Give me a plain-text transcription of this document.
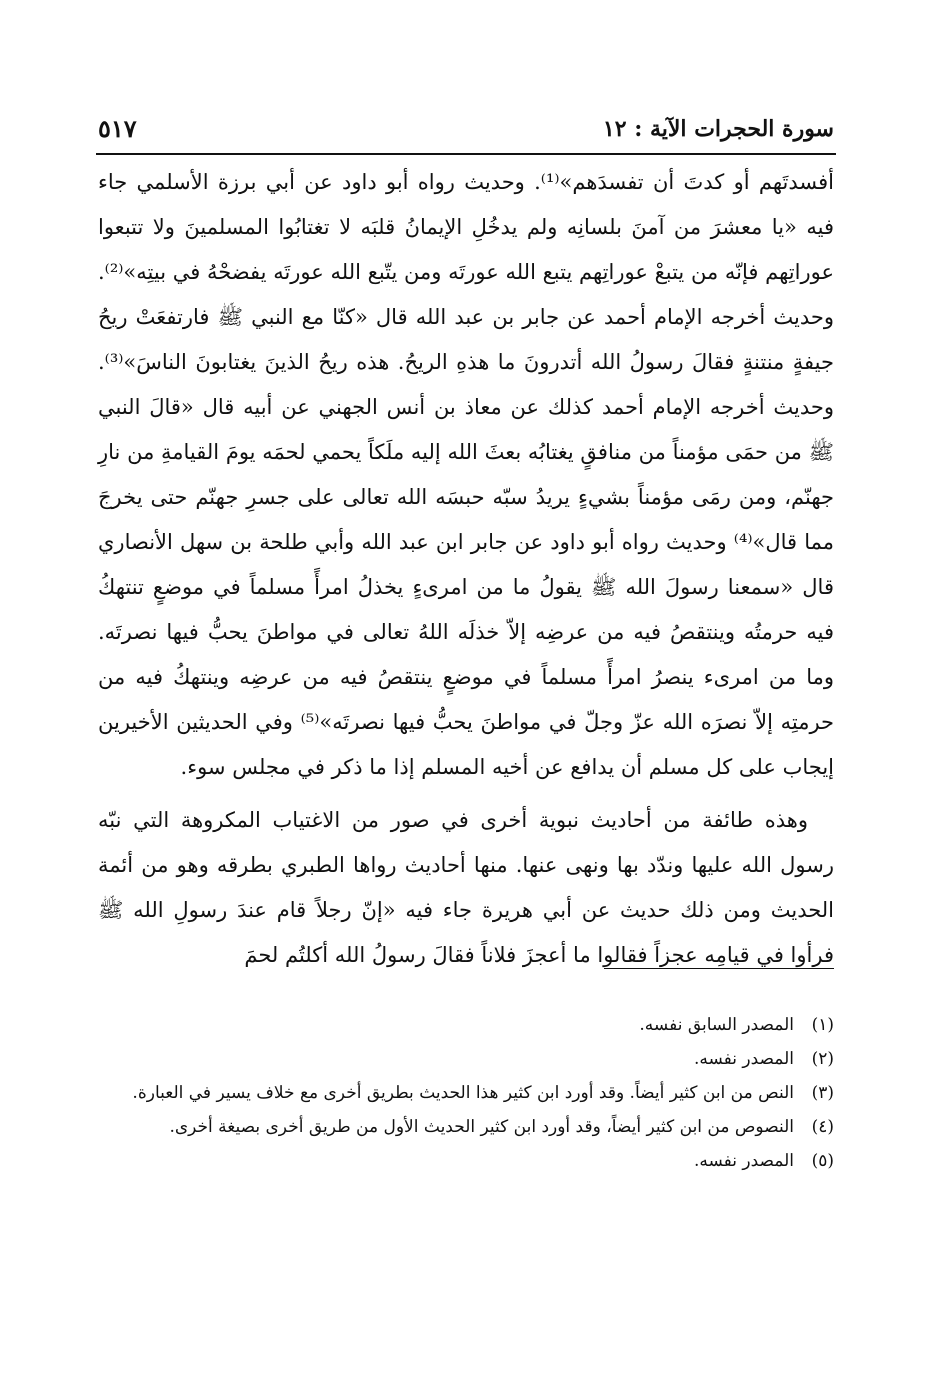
سورة الحجرات الآية : ١٢
٥١٧

أفسدتَهم أو كدتَ أن تفسدَهم»⁽¹⁾. وحديث رواه أبو داود عن أبي برزة الأسلمي جاء فيه «يا معشرَ من آمنَ بلسانِه ولم يدخُلِ الإيمانُ قلبَه لا تغتابُوا المسلمينَ ولا تتبعوا عوراتِهم فإنّه من يتبعْ عوراتِهم يتبع الله عورتَه ومن يتّبع الله عورتَه يفضحْهُ في بيتِه»⁽²⁾. وحديث أخرجه الإمام أحمد عن جابر بن عبد الله قال «كنّا مع النبي ﷺ فارتفعَتْ ريحُ جيفةٍ منتنةٍ فقالَ رسولُ الله أتدرونَ ما هذهِ الريحُ. هذه ريحُ الذينَ يغتابونَ الناسَ»⁽³⁾. وحديث أخرجه الإمام أحمد كذلك عن معاذ بن أنس الجهني عن أبيه قال «قالَ النبي ﷺ من حمَى مؤمناً من منافقٍ يغتابُه بعثَ الله إليه ملَكاً يحمي لحمَه يومَ القيامةِ من نارِ جهنّم، ومن رمَى مؤمناً بشيءٍ يريدُ سبّه حبسَه الله تعالى على جسرِ جهنّم حتى يخرجَ مما قال»⁽⁴⁾ وحديث رواه أبو داود عن جابر ابن عبد الله وأبي طلحة بن سهل الأنصاري قال «سمعنا رسولَ الله ﷺ يقولُ ما من امرىءٍ يخذلُ امرأً مسلماً في موضعٍ تنتهكُ فيه حرمتُه وينتقصُ فيه من عرضِه إلاّ خذلَه اللهُ تعالى في مواطنَ يحبُّ فيها نصرتَه. وما من امرىء ينصرُ امرأً مسلماً في موضعٍ ينتقصُ فيه من عرضِه وينتهكُ فيه من حرمتِه إلاّ نصرَه الله عزّ وجلّ في مواطنَ يحبُّ فيها نصرتَه»⁽⁵⁾ وفي الحديثين الأخيرين إيجاب على كل مسلم أن يدافع عن أخيه المسلم إذا ما ذكر في مجلس سوء.

وهذه طائفة من أحاديث نبوية أخرى في صور من الاغتياب المكروهة التي نبّه رسول الله عليها وندّد بها ونهى عنها. منها أحاديث رواها الطبري بطرقه وهو من أئمة الحديث ومن ذلك حديث عن أبي هريرة جاء فيه «إنّ رجلاً قام عندَ رسولِ الله ﷺ فرأوا في قيامِه عجزاً فقالوا ما أعجزَ فلاناً فقالَ رسولُ الله أكلتُم لحمَ

(١)
المصدر السابق نفسه.
(٢)
المصدر نفسه.
(٣)
النص من ابن كثير أيضاً. وقد أورد ابن كثير هذا الحديث بطريق أخرى مع خلاف يسير في العبارة.
(٤)
النصوص من ابن كثير أيضاً، وقد أورد ابن كثير الحديث الأول من طريق أخرى بصيغة أخرى.
(٥)
المصدر نفسه.
